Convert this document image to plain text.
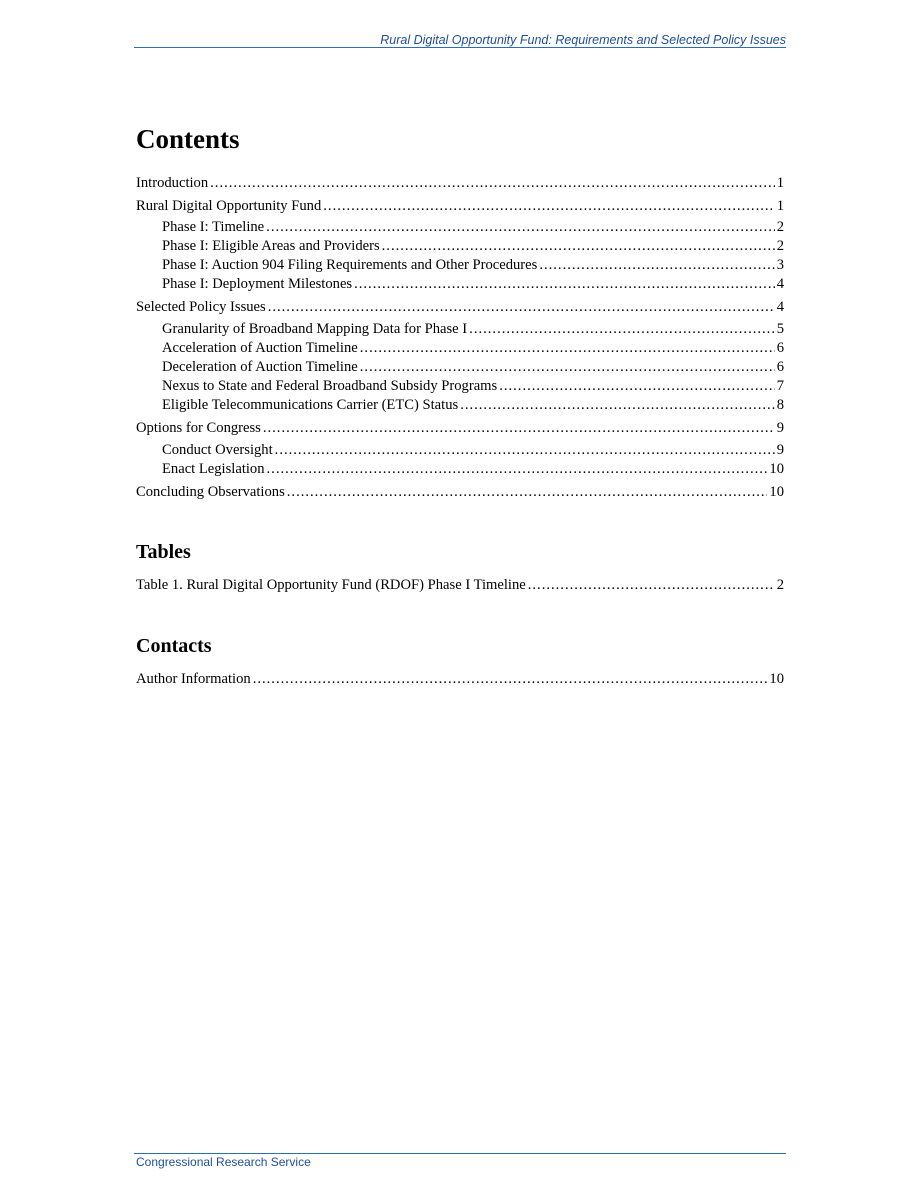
Rural Digital Opportunity Fund: Requirements and Selected Policy Issues
Contents
Introduction .....	1
Rural Digital Opportunity Fund .....	1
Phase I: Timeline .....	2
Phase I: Eligible Areas and Providers .....	2
Phase I: Auction 904 Filing Requirements and Other Procedures .....	3
Phase I: Deployment Milestones .....	4
Selected Policy Issues .....	4
Granularity of Broadband Mapping Data for Phase I .....	5
Acceleration of Auction Timeline .....	6
Deceleration of Auction Timeline .....	6
Nexus to State and Federal Broadband Subsidy Programs .....	7
Eligible Telecommunications Carrier (ETC) Status .....	8
Options for Congress .....	9
Conduct Oversight .....	9
Enact Legislation .....	10
Concluding Observations .....	10
Tables
Table 1. Rural Digital Opportunity Fund (RDOF) Phase I Timeline .....	2
Contacts
Author Information .....	10
Congressional Research Service
